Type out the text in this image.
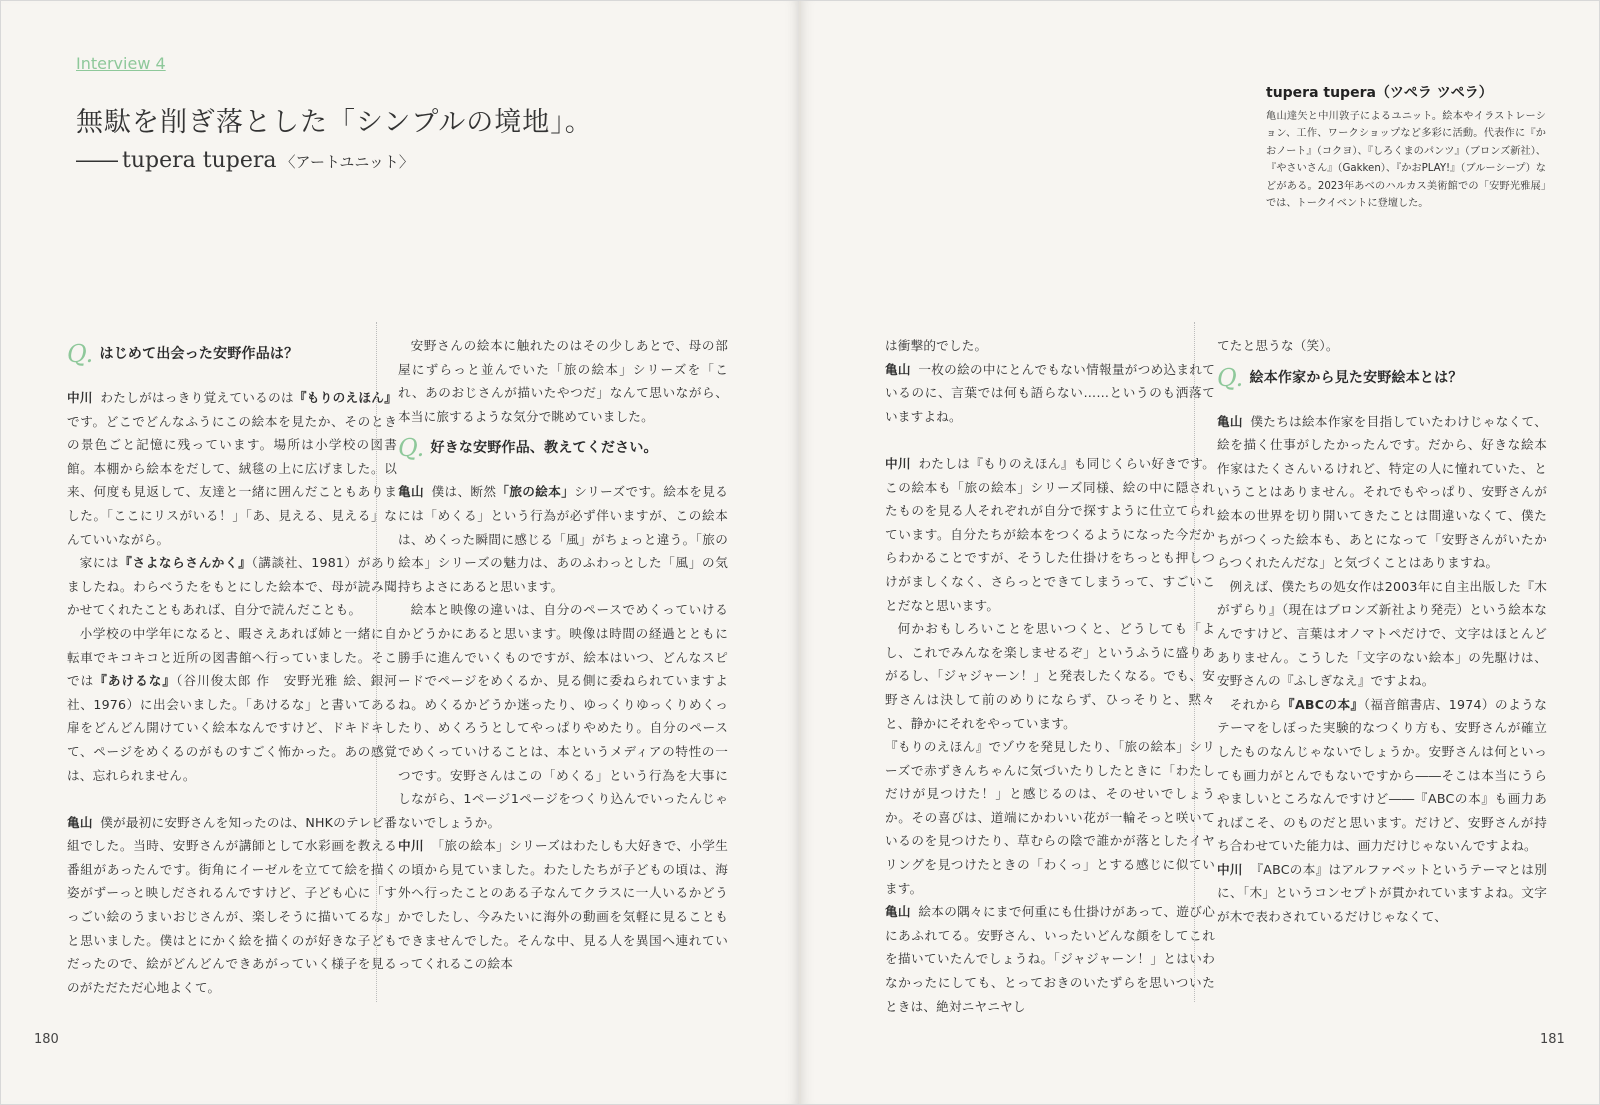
Interview 4
無駄を削ぎ落とした「シンプルの境地」。
―― tupera tupera 〈アートユニット〉
tupera tupera（ツペラ ツペラ）
亀山達矢と中川敦子によるユニット。絵本やイラストレーション、工作、ワークショップなど多彩に活動。代表作に『かおノート』（コクヨ）、『しろくまのパンツ』（ブロンズ新社）、『やさいさん』（Gakken）、『かおPLAY!』（ブルーシープ）などがある。2023年あべのハルカス美術館での「安野光雅展」では、トークイベントに登壇した。
Q. はじめて出会った安野作品は？

中川 わたしがはっきり覚えているのは『もりのえほん』です。どこでどんなふうにこの絵本を見たか、そのときの景色ごと記憶に残っています。場所は小学校の図書館。本棚から絵本をだして、絨毯の上に広げました。以来、何度も見返して、友達と一緒に囲んだこともありました。「ここにリスがいる！」「あ、見える、見える」なんていいながら。

家には『さよならさんかく』（講談社、1981）がありましたね。わらべうたをもとにした絵本で、母が読み聞かせてくれたこともあれば、自分で読んだことも。

小学校の中学年になると、暇さえあれば姉と一緒に自転車でキコキコと近所の図書館へ行っていました。そこでは『あけるな』（谷川俊太郎 作　安野光雅 絵、銀河社、1976）に出会いました。「あけるな」と書いてある扉をどんどん開けていく絵本なんですけど、ドキドキして、ページをめくるのがものすごく怖かった。あの感覚は、忘れられません。

亀山 僕が最初に安野さんを知ったのは、NHKのテレビ番組でした。当時、安野さんが講師として水彩画を教える番組があったんです。街角にイーゼルを立てて絵を描く姿がずーっと映しだされるんですけど、子ども心に「すっごい絵のうまいおじさんが、楽しそうに描いてるな」と思いました。僕はとにかく絵を描くのが好きな子どもだったので、絵がどんどんできあがっていく様子を見るのがただただ心地よくて。

安野さんの絵本に触れたのはその少しあとで、母の部屋にずらっと並んでいた「旅の絵本」シリーズを「これ、あのおじさんが描いたやつだ」なんて思いながら、本当に旅するような気分で眺めていました。

Q. 好きな安野作品、教えてください。

亀山 僕は、断然「旅の絵本」シリーズです。絵本を見るには「めくる」という行為が必ず伴いますが、この絵本は、めくった瞬間に感じる「風」がちょっと違う。「旅の絵本」シリーズの魅力は、あのふわっとした「風」の気持ちよさにあると思います。

絵本と映像の違いは、自分のペースでめくっていけるかどうかにあると思います。映像は時間の経過とともに勝手に進んでいくものですが、絵本はいつ、どんなスピードでページをめくるか、見る側に委ねられていますよね。めくるかどうか迷ったり、ゆっくりゆっくりめくったり、めくろうとしてやっぱりやめたり。自分のペースでめくっていけることは、本というメディアの特性の一つです。安野さんはこの「めくる」という行為を大事にしながら、1ページ1ページをつくり込んでいったんじゃないでしょうか。

中川 「旅の絵本」シリーズはわたしも大好きで、小学生の頃から見ていました。わたしたちが子どもの頃は、海外へ行ったことのある子なんてクラスに一人いるかどうかでしたし、今みたいに海外の動画を気軽に見ることもできませんでした。そんな中、見る人を異国へ連れていってくれるこの絵本

は衝撃的でした。

亀山 一枚の絵の中にとんでもない情報量がつめ込まれているのに、言葉では何も語らない……というのも洒落ていますよね。

中川 わたしは『もりのえほん』も同じくらい好きです。この絵本も「旅の絵本」シリーズ同様、絵の中に隠されたものを見る人それぞれが自分で探すように仕立てられています。自分たちが絵本をつくるようになった今だからわかることですが、そうした仕掛けをちっとも押しつけがましくなく、さらっとできてしまうって、すごいことだなと思います。

何かおもしろいことを思いつくと、どうしても「よし、これでみんなを楽しませるぞ」というふうに盛りあがるし、「ジャジャーン！」と発表したくなる。でも、安野さんは決して前のめりにならず、ひっそりと、黙々と、静かにそれをやっています。

『もりのえほん』でゾウを発見したり、「旅の絵本」シリーズで赤ずきんちゃんに気づいたりしたときに「わたしだけが見つけた！」と感じるのは、そのせいでしょうか。その喜びは、道端にかわいい花が一輪そっと咲いているのを見つけたり、草むらの陰で誰かが落としたイヤリングを見つけたときの「わくっ」とする感じに似ています。

亀山 絵本の隅々にまで何重にも仕掛けがあって、遊び心にあふれてる。安野さん、いったいどんな顔をしてこれを描いていたんでしょうね。「ジャジャーン！」とはいわなかったにしても、とっておきのいたずらを思いついたときは、絶対ニヤニヤし

てたと思うな（笑）。

Q. 絵本作家から見た安野絵本とは？

亀山 僕たちは絵本作家を目指していたわけじゃなくて、絵を描く仕事がしたかったんです。だから、好きな絵本作家はたくさんいるけれど、特定の人に憧れていた、ということはありません。それでもやっぱり、安野さんが絵本の世界を切り開いてきたことは間違いなくて、僕たちがつくった絵本も、あとになって「安野さんがいたからつくれたんだな」と気づくことはありますね。

例えば、僕たちの処女作は2003年に自主出版した『木がずらり』（現在はブロンズ新社より発売）という絵本なんですけど、言葉はオノマトペだけで、文字はほとんどありません。こうした「文字のない絵本」の先駆けは、安野さんの『ふしぎなえ』ですよね。

それから『ABCの本』（福音館書店、1974）のようなテーマをしぼった実験的なつくり方も、安野さんが確立したものなんじゃないでしょうか。安野さんは何といっても画力がとんでもないですから――そこは本当にうらやましいところなんですけど――『ABCの本』も画力あればこそ、のものだと思います。だけど、安野さんが持ち合わせていた能力は、画力だけじゃないんですよね。

中川 『ABCの本』はアルファベットというテーマとは別に、「木」というコンセプトが貫かれていますよね。文字が木で表わされているだけじゃなくて、

180	181
